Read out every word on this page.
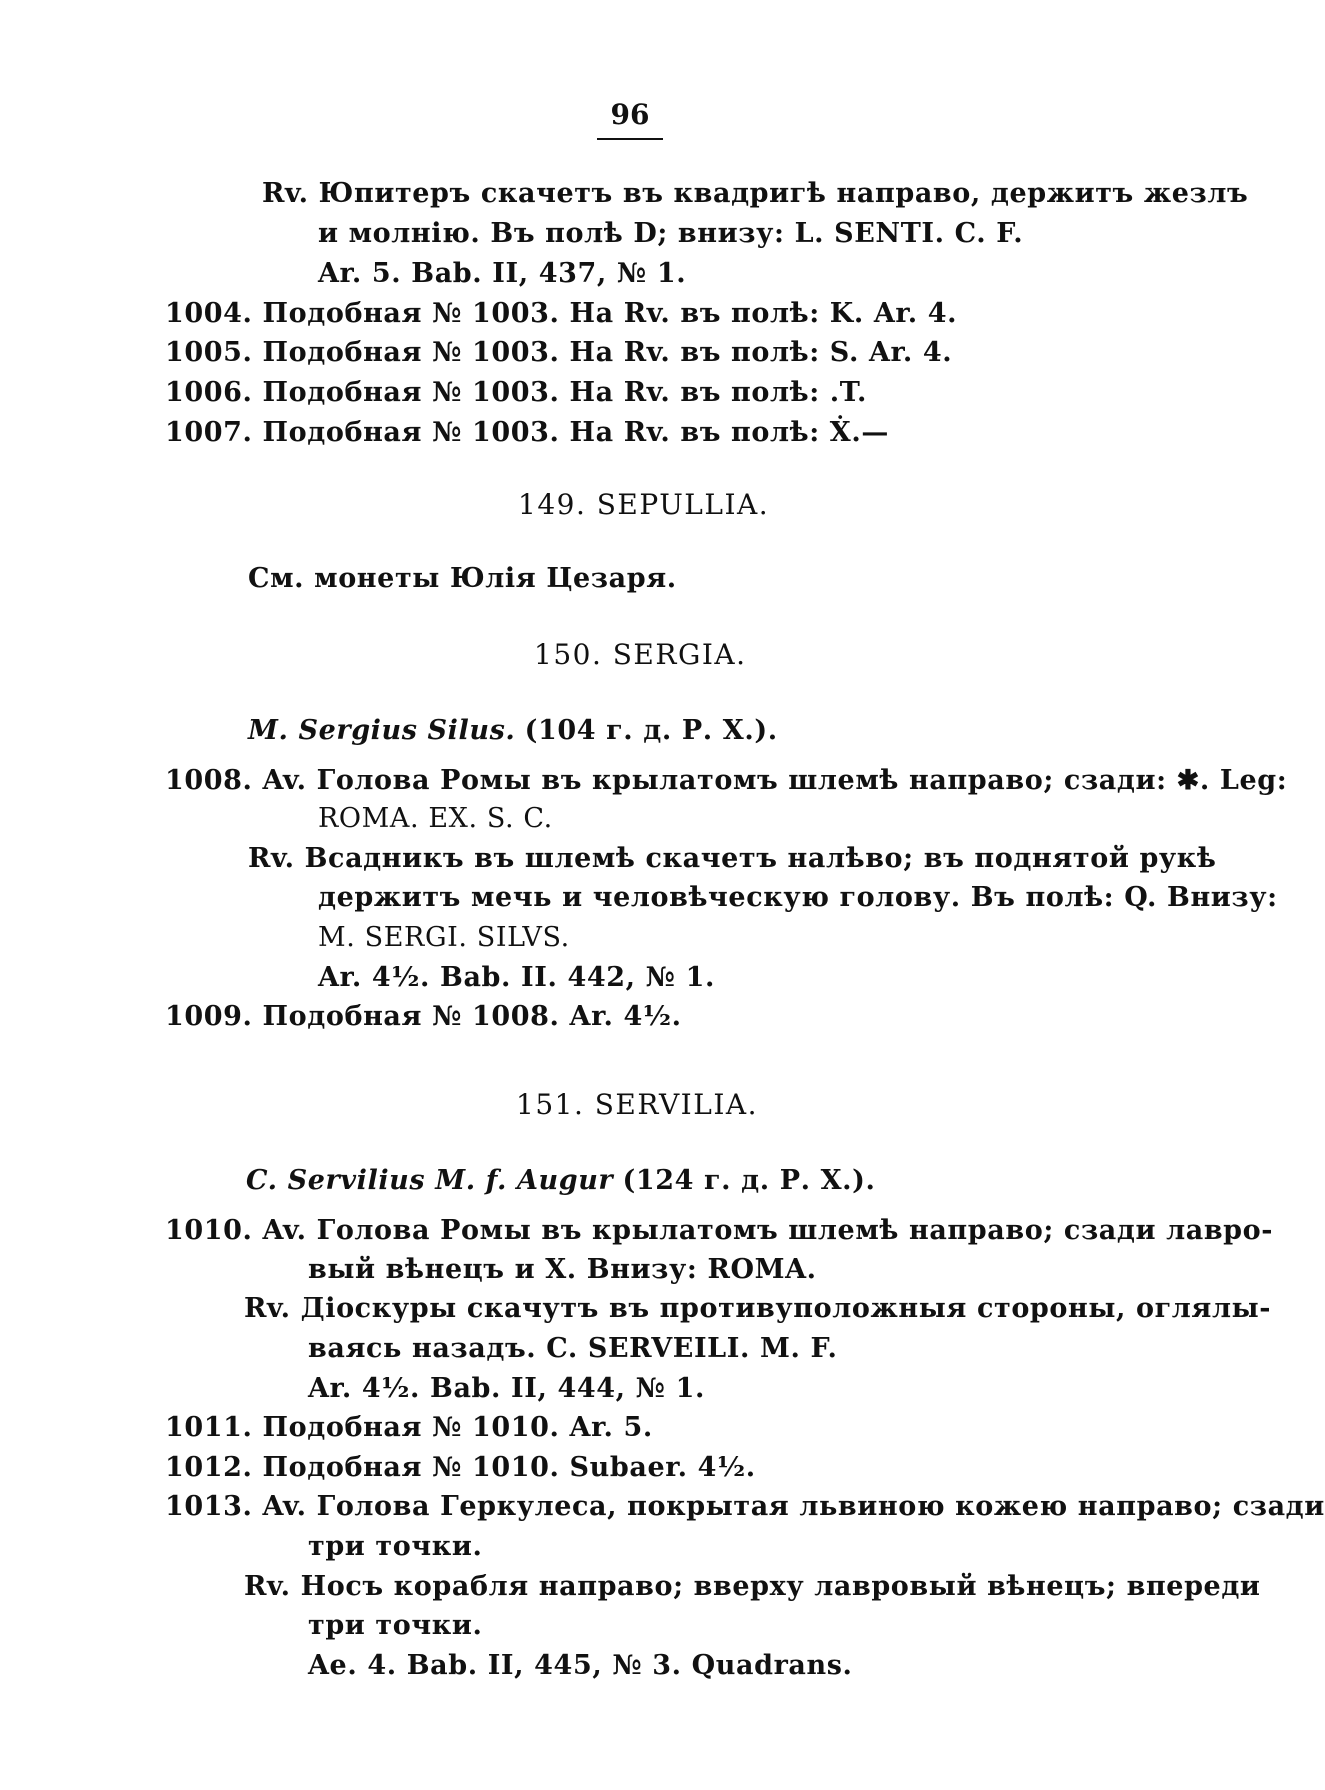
96
Rv. Юпитеръ скачетъ въ квадригѣ направо, держитъ жезлъ
и молнію. Въ полѣ D; внизу: L. SENTI. C. F.
Ar. 5. Bab. II, 437, № 1.
1004. Подобная № 1003. На Rv. въ полѣ: K. Ar. 4.
1005. Подобная № 1003. На Rv. въ полѣ: S. Ar. 4.
1006. Подобная № 1003. На Rv. въ полѣ: .T.
1007. Подобная № 1003. На Rv. въ полѣ: Ẋ.—
149. SEPULLIA.
См. монеты Юлія Цезаря.
150. SERGIA.
M. Sergius Silus. (104 г. д. Р. Х.).
1008. Av. Голова Ромы въ крылатомъ шлемѣ направо; сзади: ✱. Leg:
ROMA. EX. S. C.
Rv. Всадникъ въ шлемѣ скачетъ налѣво; въ поднятой рукѣ
держитъ мечь и человѣческую голову. Въ полѣ: Q. Внизу:
M. SERGI. SILVS.
Ar. 4½. Bab. II. 442, № 1.
1009. Подобная № 1008. Ar. 4½.
151. SERVILIA.
C. Servilius M. f. Augur (124 г. д. Р. Х.).
1010. Av. Голова Ромы въ крылатомъ шлемѣ направо; сзади лавро-
вый вѣнецъ и X. Внизу: ROMA.
Rv. Діоскуры скачутъ въ противуположныя стороны, оглялы-
ваясь назадъ. C. SERVEILI. M. F.
Ar. 4½. Bab. II, 444, № 1.
1011. Подобная № 1010. Ar. 5.
1012. Подобная № 1010. Subaer. 4½.
1013. Av. Голова Геркулеса, покрытая львиною кожею направо; сзади
три точки.
Rv. Носъ корабля направо; вверху лавровый вѣнецъ; впереди
три точки.
Ae. 4. Bab. II, 445, № 3. Quadrans.
